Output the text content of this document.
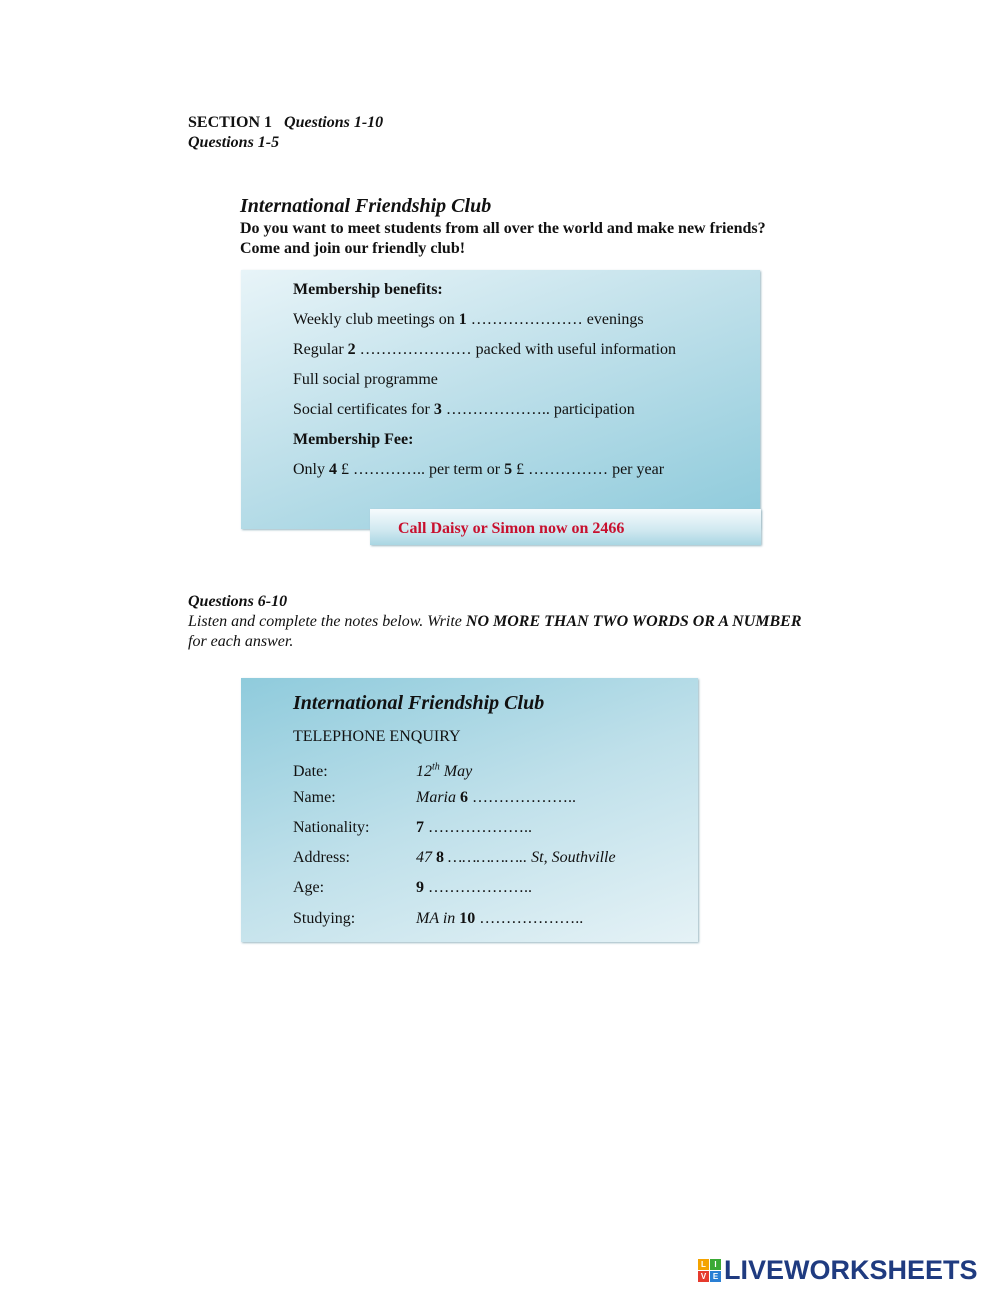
SECTION 1 Questions 1-10
Questions 1-5
International Friendship Club
Do you want to meet students from all over the world and make new friends?
Come and join our friendly club!
Membership benefits:
Weekly club meetings on 1 ………………… evenings
Regular 2 ………………… packed with useful information
Full social programme
Social certificates for 3 ……………….. participation
Membership Fee:
Only 4 £ ………….. per term or 5 £ …………… per year
Call Daisy or Simon now on 2466
Questions 6-10
Listen and complete the notes below. Write NO MORE THAN TWO WORDS OR A NUMBER for each answer.
International Friendship Club
TELEPHONE ENQUIRY
Date:	12th May
Name:	Maria 6 ………………..
Nationality:	7 ………………..
Address:	47 8 …………….. St, Southville
Age:	9 ………………..
Studying:	MA in 10 ………………..
L	I
V E LIVEWORKSHEETS
